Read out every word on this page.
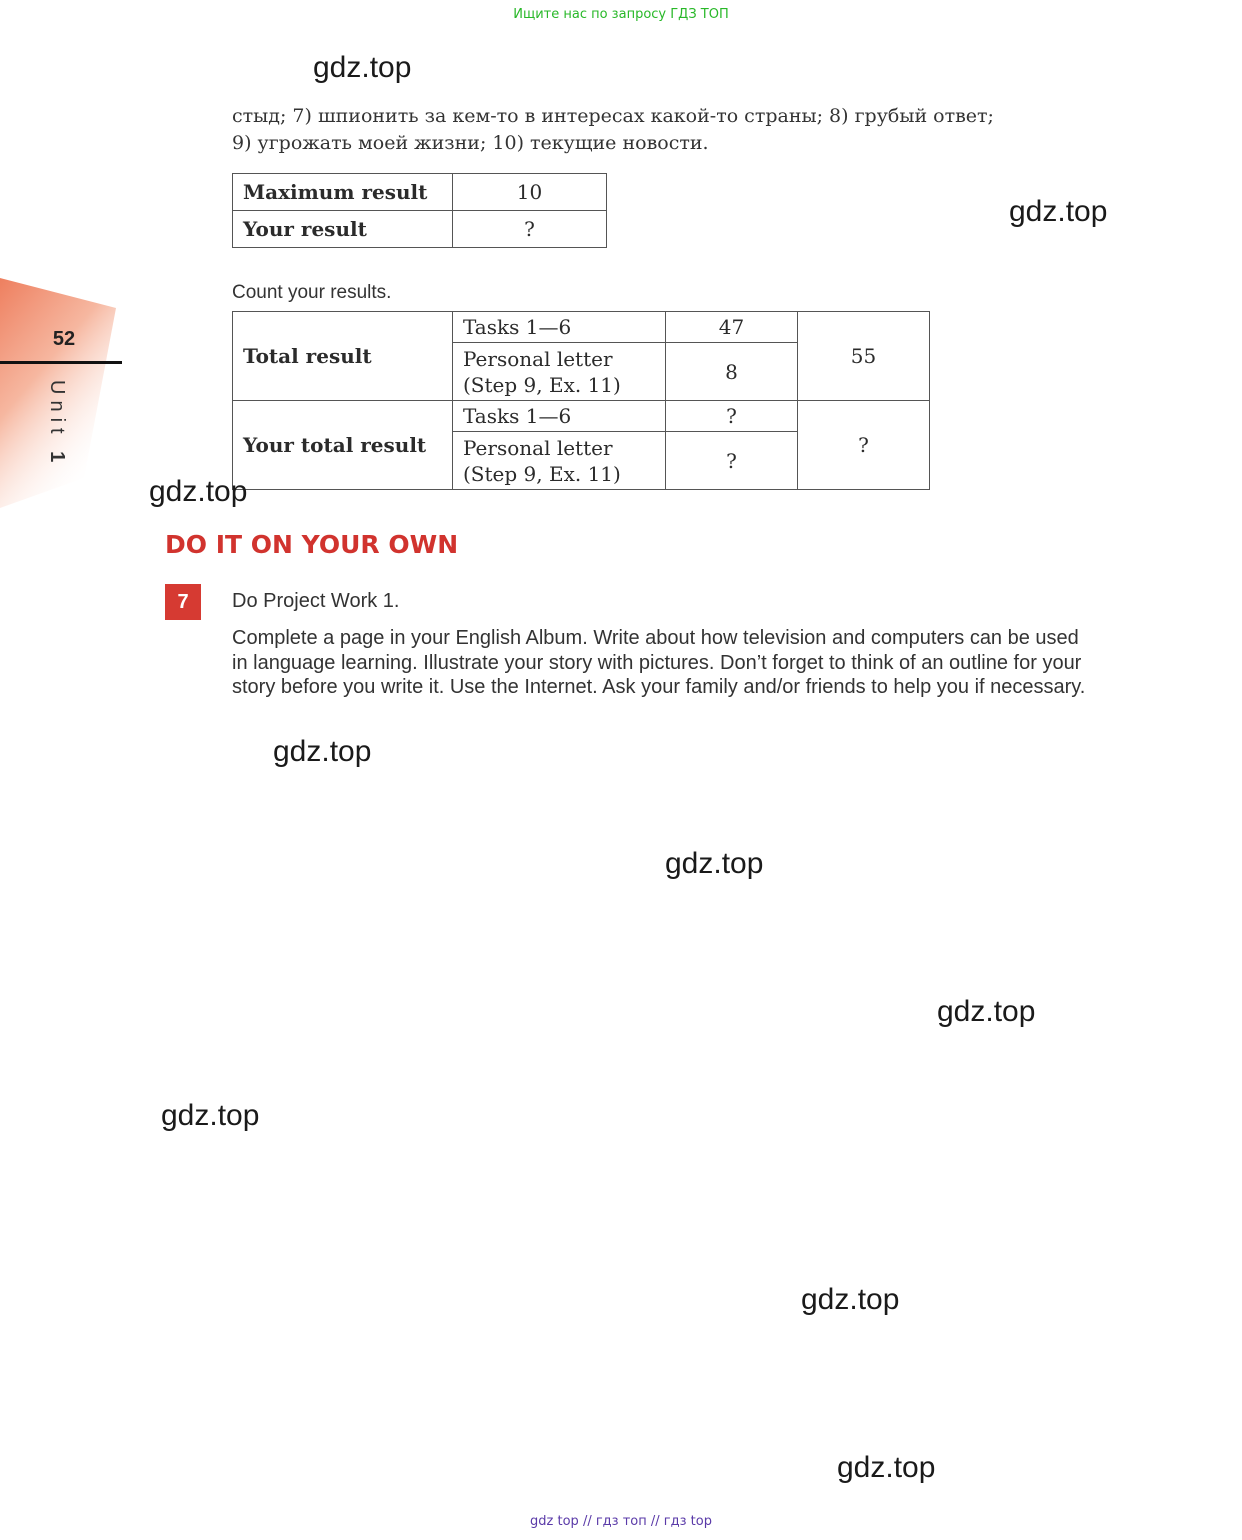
Ищите нас по запросу ГДЗ ТОП
52
Unit 1
стыд; 7) шпионить за кем-то в интересах какой-то страны; 8) грубый ответ;
9) угрожать моей жизни; 10) текущие новости.
Maximum result	10
Your result	?
Count your results.
Total result	Tasks 1—6	47	55

	Personal letter
(Step 9, Ex. 11)	8	
Your total result	Tasks 1—6	?	?

	Personal letter
(Step 9, Ex. 11)	?	
DO IT ON YOUR OWN
7	Do Project Work 1.
Complete a page in your English Album. Write about how television and computers can be used in language learning. Illustrate your story with pictures. Don’t forget to think of an outline for your story before you write it. Use the Internet. Ask your family and/or friends to help you if necessary.
gdz.top
gdz.top
gdz.top
gdz.top
gdz.top
gdz.top
gdz.top
gdz.top
gdz.top
gdz top // гдз топ // гдз top
